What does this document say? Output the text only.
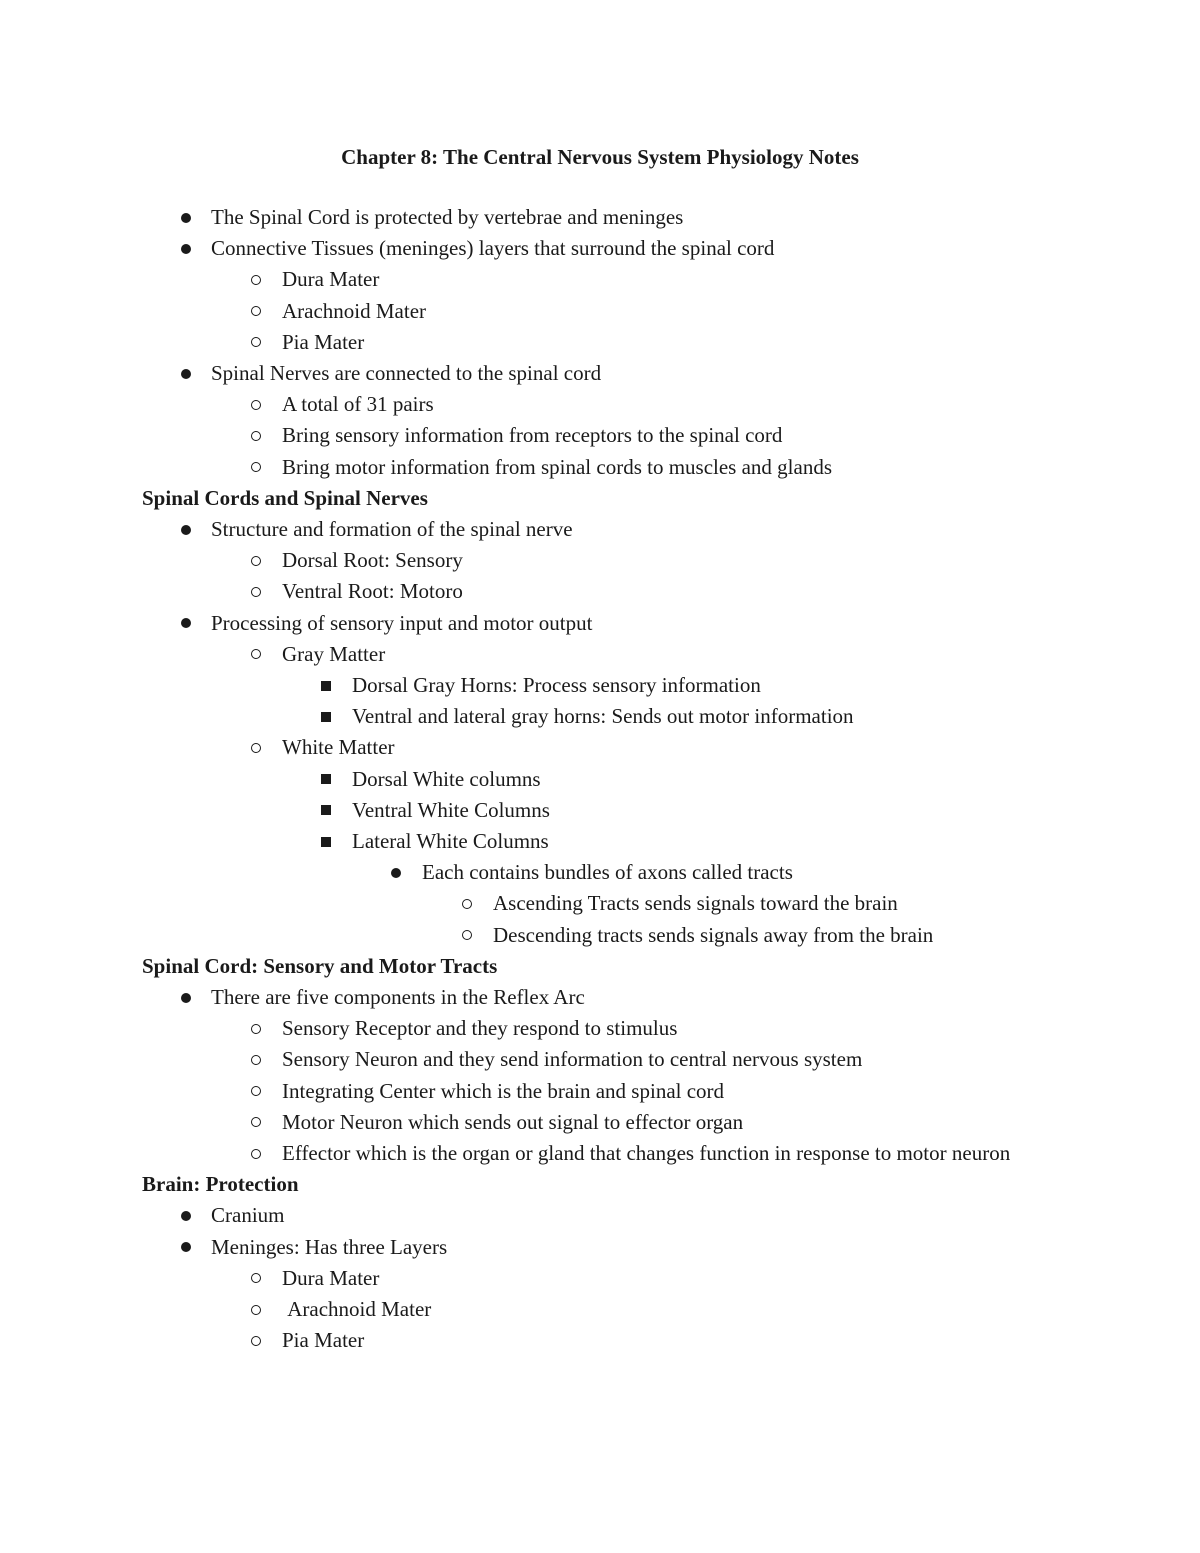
Chapter 8: The Central Nervous System Physiology Notes
The Spinal Cord is protected by vertebrae and meninges
Connective Tissues (meninges) layers that surround the spinal cord
Dura Mater
Arachnoid Mater
Pia Mater
Spinal Nerves are connected to the spinal cord
A total of 31 pairs
Bring sensory information from receptors to the spinal cord
Bring motor information from spinal cords to muscles and glands
Spinal Cords and Spinal Nerves
Structure and formation of the spinal nerve
Dorsal Root: Sensory
Ventral Root: Motoro
Processing of sensory input and motor output
Gray Matter
Dorsal Gray Horns: Process sensory information
Ventral and lateral gray horns: Sends out motor information
White Matter
Dorsal White columns
Ventral White Columns
Lateral White Columns
Each contains bundles of axons called tracts
Ascending Tracts sends signals toward the brain
Descending tracts sends signals away from the brain
Spinal Cord: Sensory and Motor Tracts
There are five components in the Reflex Arc
Sensory Receptor and they respond to stimulus
Sensory Neuron and they send information to central nervous system
Integrating Center which is the brain and spinal cord
Motor Neuron which sends out signal to effector organ
Effector which is the organ or gland that changes function in response to motor neuron
Brain: Protection
Cranium
Meninges: Has three Layers
Dura Mater
Arachnoid Mater
Pia Mater
